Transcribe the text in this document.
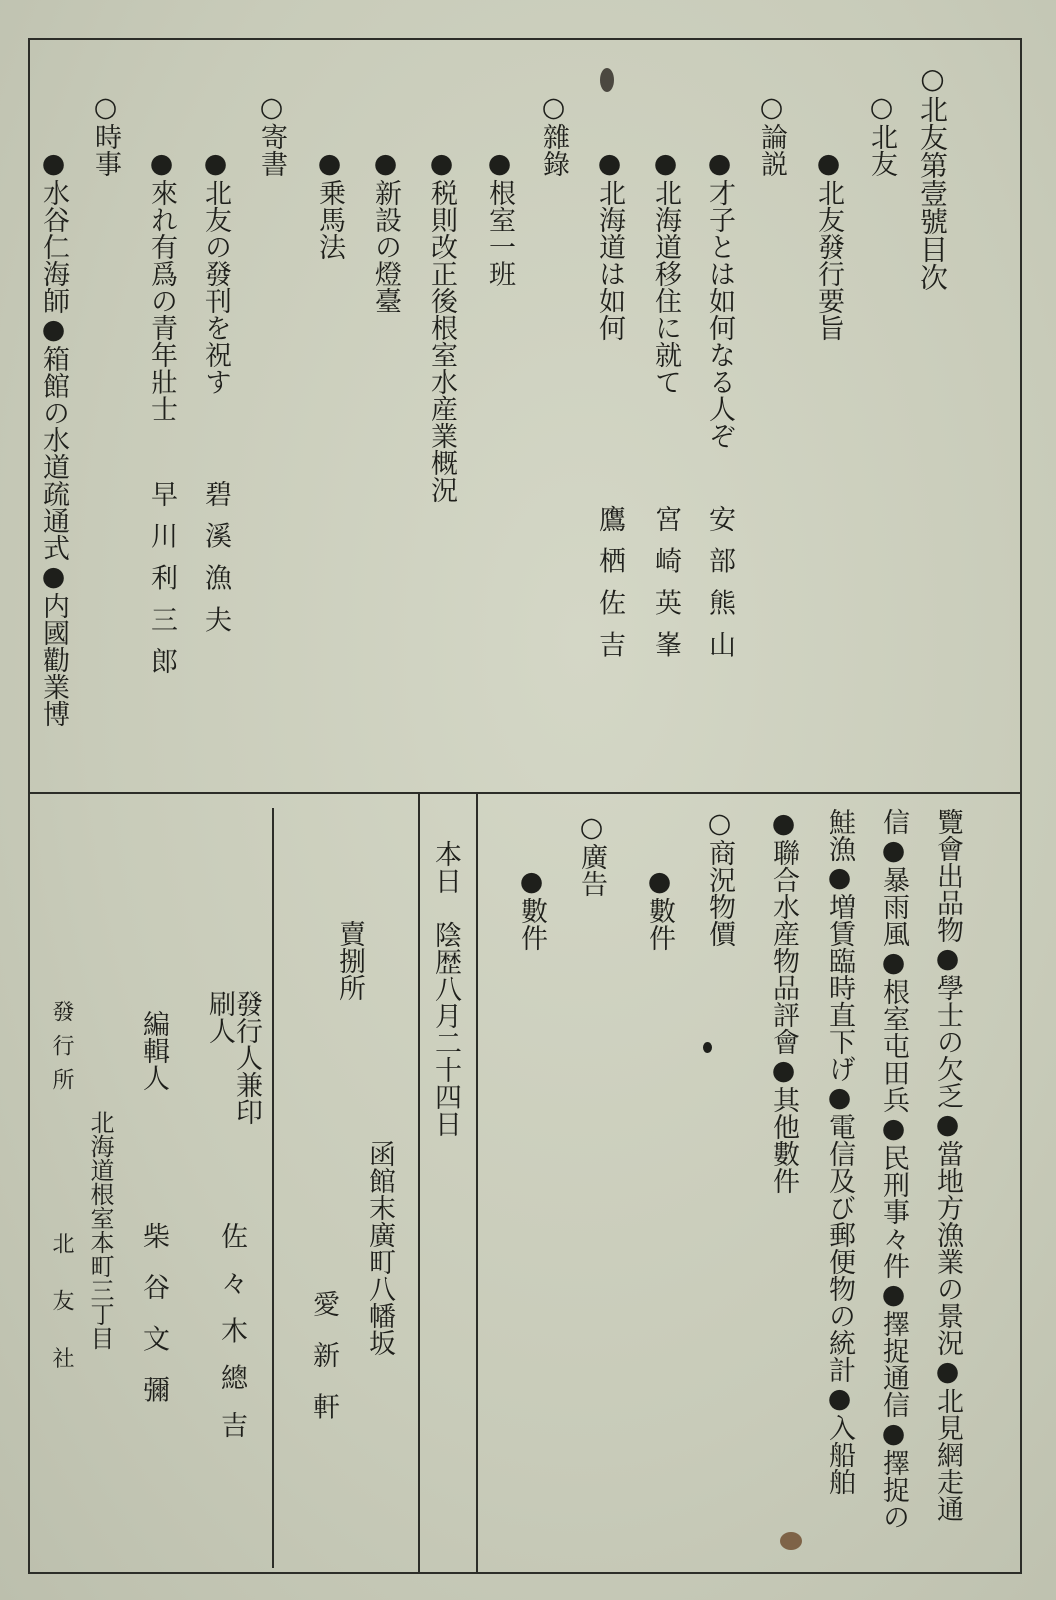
○北友第壹號目次
○北友
●北友發行要旨
○論説
●才子とは如何なる人ぞ
安部熊山
●北海道移住に就て
宮崎英峯
●北海道は如何
鷹栖佐吉
○雜錄
●根室一班
●税則改正後根室水産業概況
●新設の燈臺
●乗馬法
○寄書
●北友の發刊を祝す
碧溪漁夫
●來れ有爲の青年壯士
早川利三郎
○時事
●水谷仁海師●箱館の水道疏通式●内國勸業博
覽會出品物●學士の欠乏●當地方漁業の景況●北見網走通
信●暴雨風●根室屯田兵●民刑事々件●擇捉通信●擇捉の
鮭漁●増賃臨時直下げ●電信及び郵便物の統計●入船舶
●聯合水産物品評會●其他數件
○商況物價
●數件
○廣告
●數件
本日　陰歴八月二十四日
賣捌所
函館末廣町八幡坂
愛新軒
發行人兼印刷人
佐々木總吉
編輯人
柴谷文彌
發行所
北海道根室本町三丁目
北友社
